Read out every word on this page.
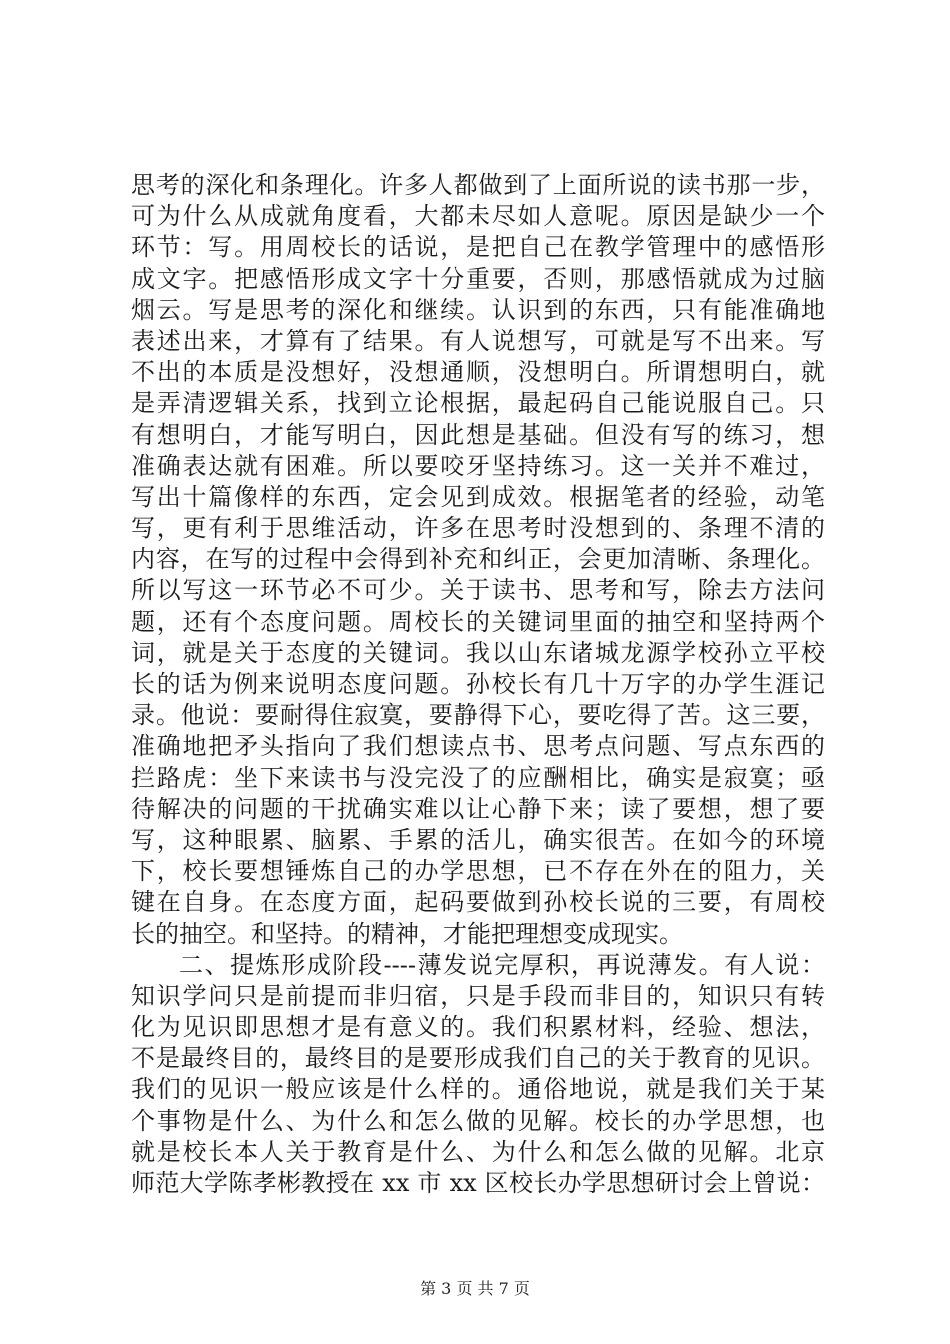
思考的深化和条理化。许多人都做到了上面所说的读书那一步，
可为什么从成就角度看，大都未尽如人意呢。原因是缺少一个
环节：写。用周校长的话说，是把自己在教学管理中的感悟形
成文字。把感悟形成文字十分重要，否则，那感悟就成为过脑
烟云。写是思考的深化和继续。认识到的东西，只有能准确地
表述出来，才算有了结果。有人说想写，可就是写不出来。写
不出的本质是没想好，没想通顺，没想明白。所谓想明白，就
是弄清逻辑关系，找到立论根据，最起码自己能说服自己。只
有想明白，才能写明白，因此想是基础。但没有写的练习，想
准确表达就有困难。所以要咬牙坚持练习。这一关并不难过，
写出十篇像样的东西，定会见到成效。根据笔者的经验，动笔
写，更有利于思维活动，许多在思考时没想到的、条理不清的
内容，在写的过程中会得到补充和纠正，会更加清晰、条理化。
所以写这一环节必不可少。关于读书、思考和写，除去方法问
题，还有个态度问题。周校长的关键词里面的抽空和坚持两个
词，就是关于态度的关键词。我以山东诸城龙源学校孙立平校
长的话为例来说明态度问题。孙校长有几十万字的办学生涯记
录。他说：要耐得住寂寞，要静得下心，要吃得了苦。这三要，
准确地把矛头指向了我们想读点书、思考点问题、写点东西的
拦路虎：坐下来读书与没完没了的应酬相比，确实是寂寞；亟
待解决的问题的干扰确实难以让心静下来；读了要想，想了要
写，这种眼累、脑累、手累的活儿，确实很苦。在如今的环境
下，校长要想锤炼自己的办学思想，已不存在外在的阻力，关
键在自身。在态度方面，起码要做到孙校长说的三要，有周校
长的抽空。和坚持。的精神，才能把理想变成现实。
二、提炼形成阶段----薄发说完厚积，再说薄发。有人说：
知识学问只是前提而非归宿，只是手段而非目的，知识只有转
化为见识即思想才是有意义的。我们积累材料，经验、想法，
不是最终目的，最终目的是要形成我们自己的关于教育的见识。
我们的见识一般应该是什么样的。通俗地说，就是我们关于某
个事物是什么、为什么和怎么做的见解。校长的办学思想，也
就是校长本人关于教育是什么、为什么和怎么做的见解。北京
师范大学陈孝彬教授在 xx 市 xx 区校长办学思想研讨会上曾说：
第 3 页 共 7 页
